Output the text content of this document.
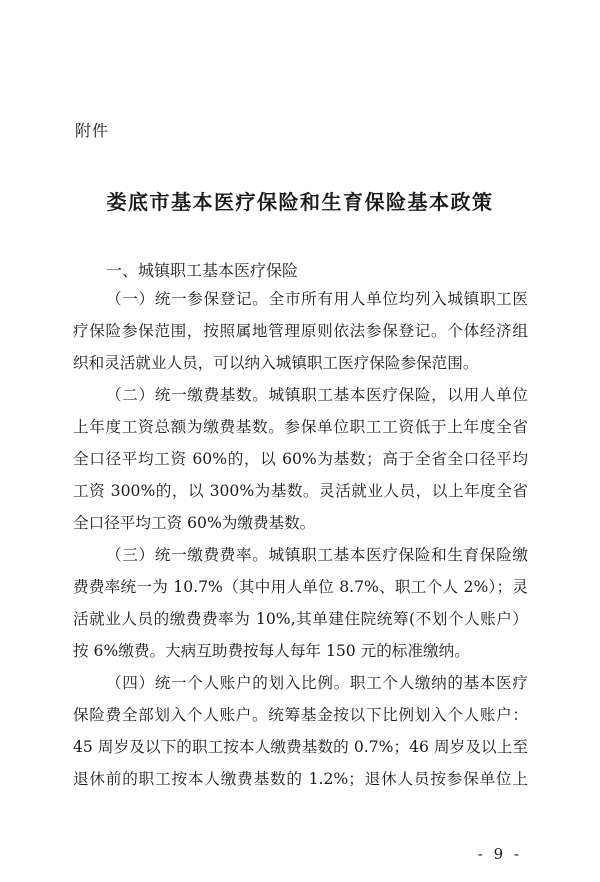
附件
娄底市基本医疗保险和生育保险基本政策
一、城镇职工基本医疗保险
（一）统一参保登记。全市所有用人单位均列入城镇职工医
疗保险参保范围，按照属地管理原则依法参保登记。个体经济组
织和灵活就业人员，可以纳入城镇职工医疗保险参保范围。
（二）统一缴费基数。城镇职工基本医疗保险，以用人单位
上年度工资总额为缴费基数。参保单位职工工资低于上年度全省
全口径平均工资 60%的，以 60%为基数；高于全省全口径平均
工资 300%的，以 300%为基数。灵活就业人员，以上年度全省
全口径平均工资 60%为缴费基数。
（三）统一缴费费率。城镇职工基本医疗保险和生育保险缴
费费率统一为 10.7%（其中用人单位 8.7%、职工个人 2%）；灵
活就业人员的缴费费率为 10%,其单建住院统筹(不划个人账户）
按 6%缴费。大病互助费按每人每年 150 元的标准缴纳。
（四）统一个人账户的划入比例。职工个人缴纳的基本医疗
保险费全部划入个人账户。统筹基金按以下比例划入个人账户：
45 周岁及以下的职工按本人缴费基数的 0.7%；46 周岁及以上至
退休前的职工按本人缴费基数的 1.2%；退休人员按参保单位上
- 9 -
